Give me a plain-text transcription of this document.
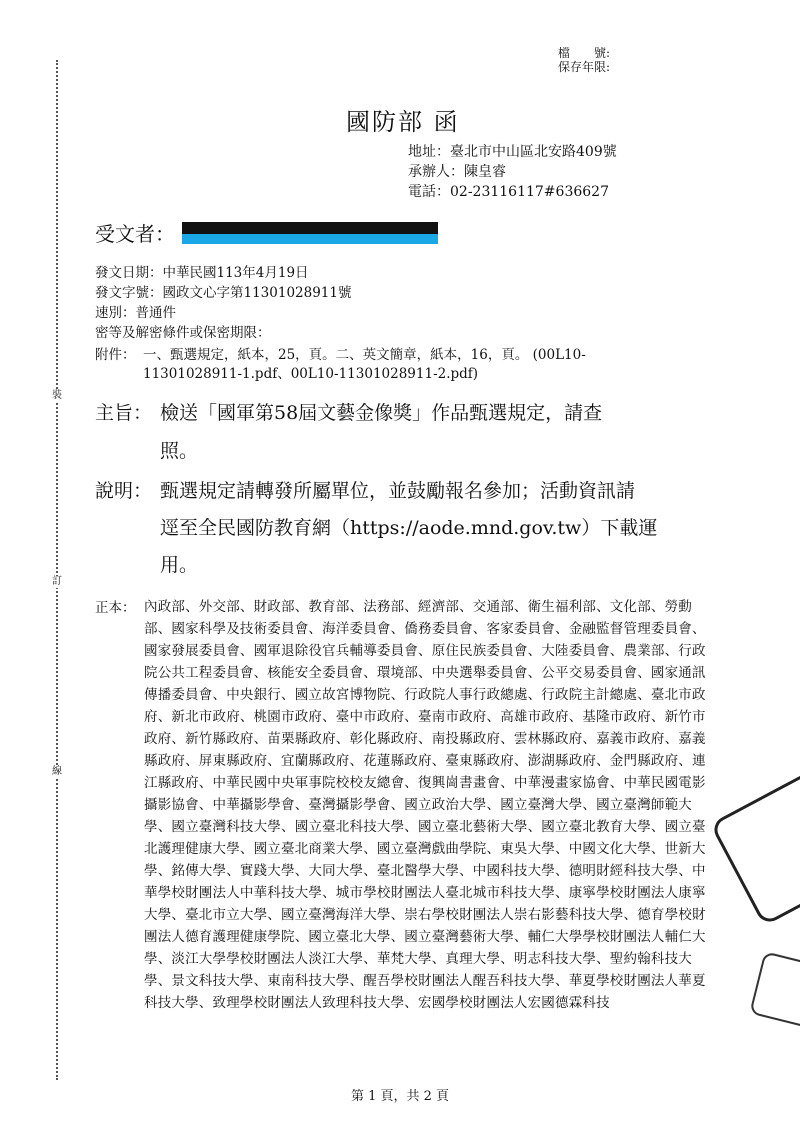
裝
訂
線
檔　　號:
保存年限:
國防部 函
地址：臺北市中山區北安路409號
承辦人：陳皇睿
電話：02-23116117#636627
受文者：
發文日期：中華民國113年4月19日
發文字號：國政文心字第11301028911號
速別：普通件
密等及解密條件或保密期限：
附件： 一、甄選規定，紙本，25，頁。二、英文簡章，紙本，16，頁。 (00L10-11301028911-1.pdf、00L10-11301028911-2.pdf)
主旨： 檢送「國軍第58屆文藝金像獎」作品甄選規定，請查
照。
說明： 甄選規定請轉發所屬單位，並鼓勵報名參加；活動資訊請
逕至全民國防教育網（https://aode.mnd.gov.tw）下載運
用。
正本： 內政部、外交部、財政部、教育部、法務部、經濟部、交通部、衛生福利部、文化部、勞動部、國家科學及技術委員會、海洋委員會、僑務委員會、客家委員會、金融監督管理委員會、國家發展委員會、國軍退除役官兵輔導委員會、原住民族委員會、大陸委員會、農業部、行政院公共工程委員會、核能安全委員會、環境部、中央選舉委員會、公平交易委員會、國家通訊傳播委員會、中央銀行、國立故宮博物院、行政院人事行政總處、行政院主計總處、臺北市政府、新北市政府、桃園市政府、臺中市政府、臺南市政府、高雄市政府、基隆市政府、新竹市政府、新竹縣政府、苗栗縣政府、彰化縣政府、南投縣政府、雲林縣政府、嘉義市政府、嘉義縣政府、屏東縣政府、宜蘭縣政府、花蓮縣政府、臺東縣政府、澎湖縣政府、金門縣政府、連江縣政府、中華民國中央軍事院校校友總會、復興崗書畫會、中華漫畫家協會、中華民國電影攝影協會、中華攝影學會、臺灣攝影學會、國立政治大學、國立臺灣大學、國立臺灣師範大學、國立臺灣科技大學、國立臺北科技大學、國立臺北藝術大學、國立臺北教育大學、國立臺北護理健康大學、國立臺北商業大學、國立臺灣戲曲學院、東吳大學、中國文化大學、世新大學、銘傳大學、實踐大學、大同大學、臺北醫學大學、中國科技大學、德明財經科技大學、中華學校財團法人中華科技大學、城市學校財團法人臺北城市科技大學、康寧學校財團法人康寧大學、臺北市立大學、國立臺灣海洋大學、崇右學校財團法人崇右影藝科技大學、德育學校財團法人德育護理健康學院、國立臺北大學、國立臺灣藝術大學、輔仁大學學校財團法人輔仁大學、淡江大學學校財團法人淡江大學、華梵大學、真理大學、明志科技大學、聖約翰科技大學、景文科技大學、東南科技大學、醒吾學校財團法人醒吾科技大學、華夏學校財團法人華夏科技大學、致理學校財團法人致理科技大學、宏國學校財團法人宏國德霖科技
第 1 頁，共 2 頁
